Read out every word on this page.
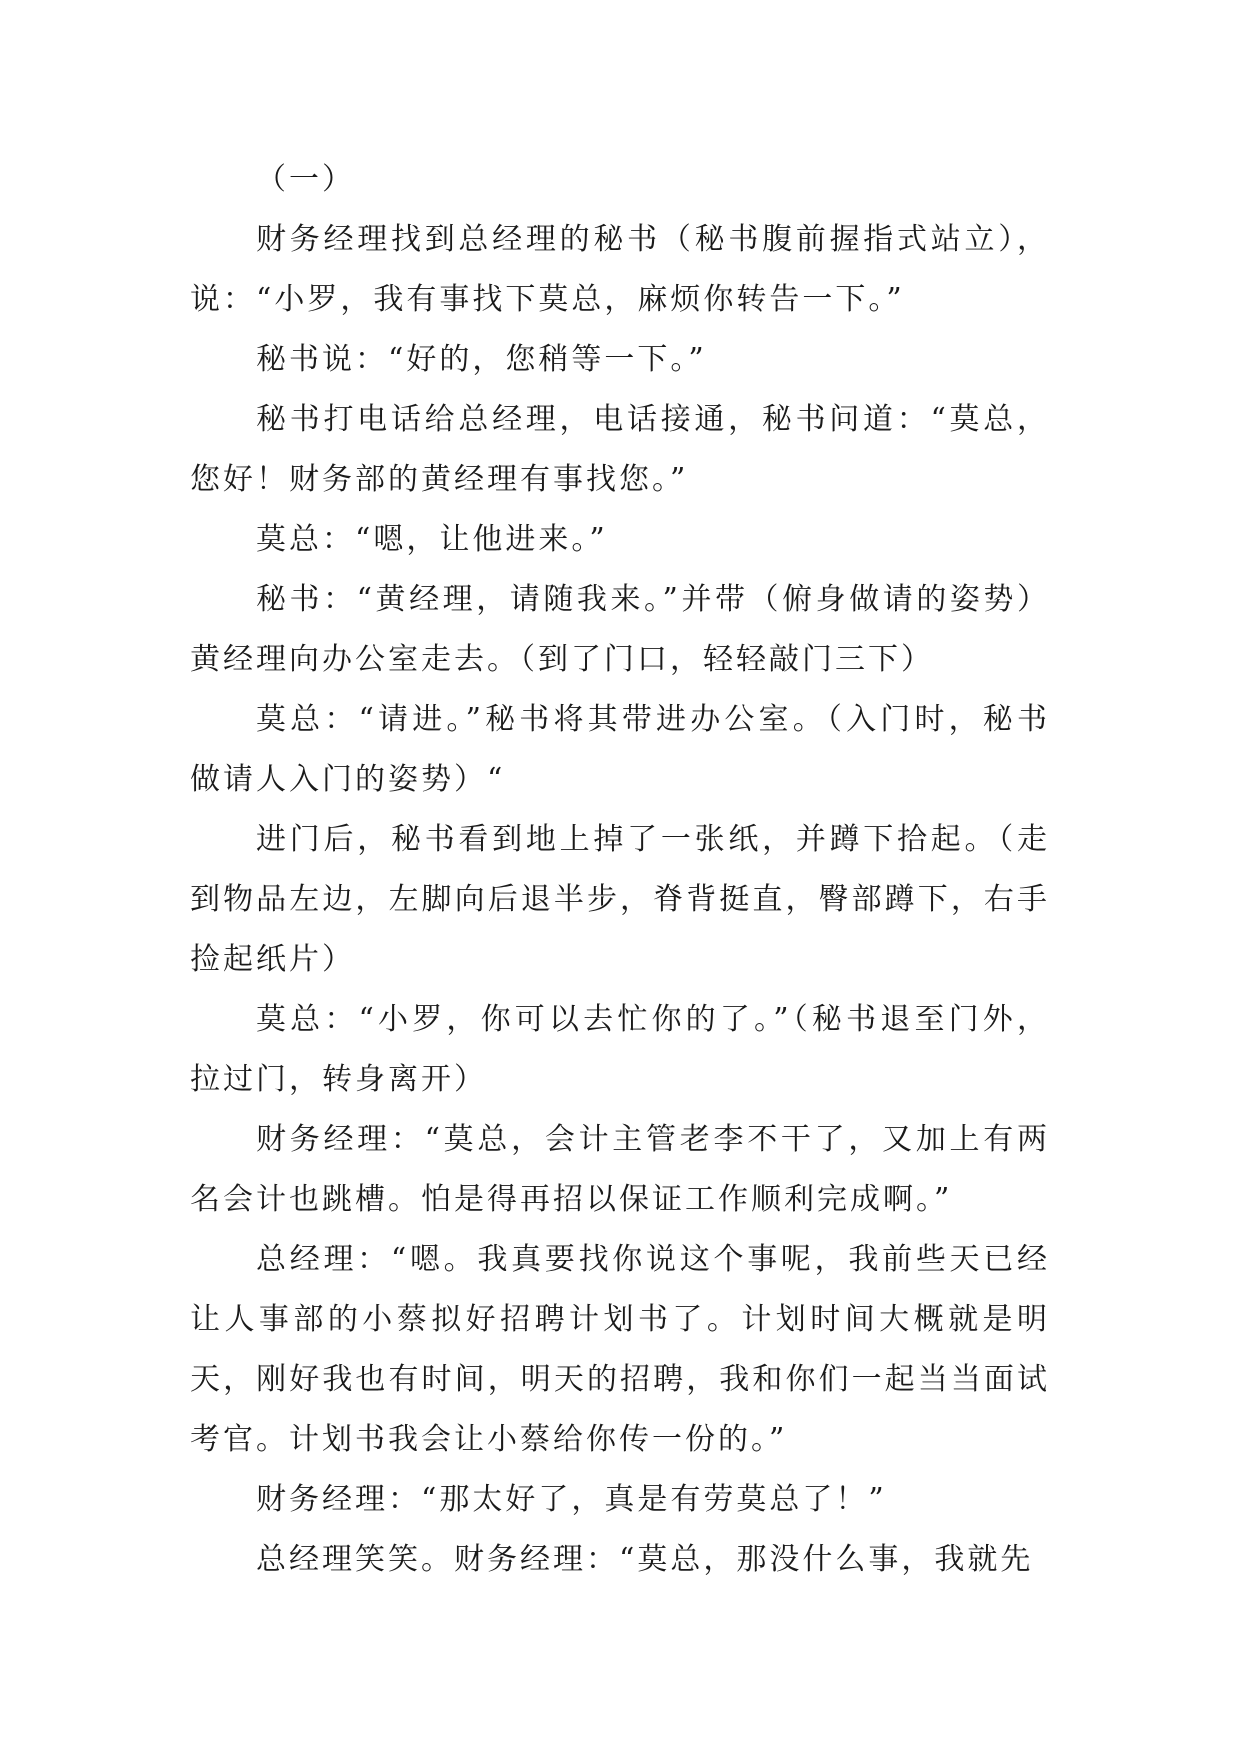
（一）

财务经理找到总经理的秘书（秘书腹前握指式站立），说：“小罗，我有事找下莫总，麻烦你转告一下。”

秘书说：“好的，您稍等一下。”

秘书打电话给总经理，电话接通，秘书问道：“莫总，您好！财务部的黄经理有事找您。”

莫总：“嗯，让他进来。”

秘书：“黄经理，请随我来。”并带（俯身做请的姿势）黄经理向办公室走去。（到了门口，轻轻敲门三下）

莫总：“请进。”秘书将其带进办公室。（入门时，秘书做请人入门的姿势）“

进门后，秘书看到地上掉了一张纸，并蹲下拾起。（走到物品左边，左脚向后退半步，脊背挺直，臀部蹲下，右手捡起纸片）

莫总：“小罗，你可以去忙你的了。”（秘书退至门外，拉过门，转身离开）

财务经理：“莫总，会计主管老李不干了，又加上有两名会计也跳槽。怕是得再招以保证工作顺利完成啊。”

总经理：“嗯。我真要找你说这个事呢，我前些天已经让人事部的小蔡拟好招聘计划书了。计划时间大概就是明天，刚好我也有时间，明天的招聘，我和你们一起当当面试考官。计划书我会让小蔡给你传一份的。”

财务经理：“那太好了，真是有劳莫总了！”

总经理笑笑。财务经理：“莫总，那没什么事，我就先
